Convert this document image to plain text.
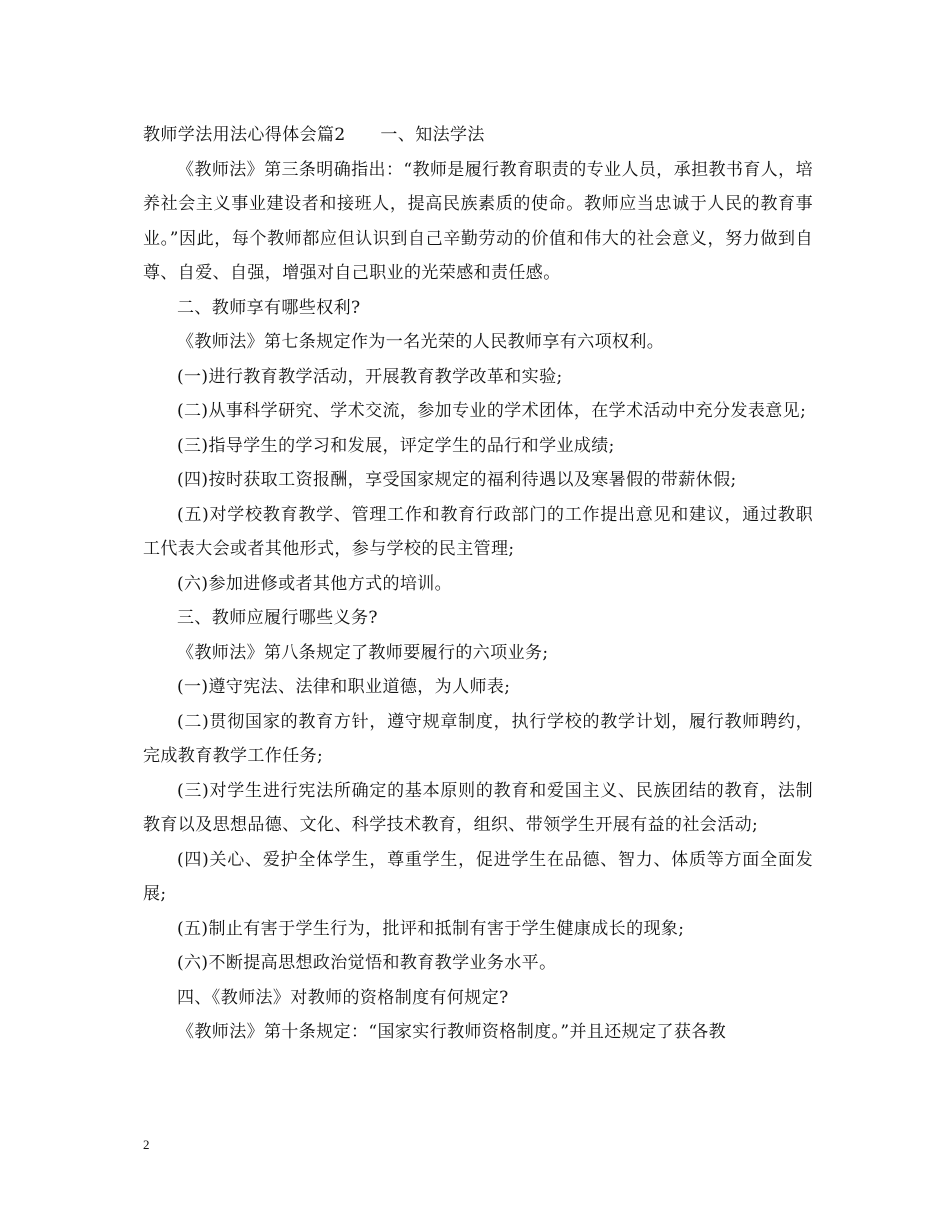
教师学法用法心得体会篇2　　一、知法学法

《教师法》第三条明确指出：“教师是履行教育职责的专业人员，承担教书育人，培养社会主义事业建设者和接班人，提高民族素质的使命。教师应当忠诚于人民的教育事业。”因此，每个教师都应但认识到自己辛勤劳动的价值和伟大的社会意义，努力做到自尊、自爱、自强，增强对自己职业的光荣感和责任感。

二、教师享有哪些权利?

《教师法》第七条规定作为一名光荣的人民教师享有六项权利。

(一)进行教育教学活动，开展教育教学改革和实验;

(二)从事科学研究、学术交流，参加专业的学术团体，在学术活动中充分发表意见;

(三)指导学生的学习和发展，评定学生的品行和学业成绩;

(四)按时获取工资报酬，享受国家规定的福利待遇以及寒暑假的带薪休假;

(五)对学校教育教学、管理工作和教育行政部门的工作提出意见和建议，通过教职工代表大会或者其他形式，参与学校的民主管理;

(六)参加进修或者其他方式的培训。

三、教师应履行哪些义务?

《教师法》第八条规定了教师要履行的六项业务;

(一)遵守宪法、法律和职业道德，为人师表;

(二)贯彻国家的教育方针，遵守规章制度，执行学校的教学计划，履行教师聘约，完成教育教学工作任务;

(三)对学生进行宪法所确定的基本原则的教育和爱国主义、民族团结的教育，法制教育以及思想品德、文化、科学技术教育，组织、带领学生开展有益的社会活动;

(四)关心、爱护全体学生，尊重学生，促进学生在品德、智力、体质等方面全面发展;

(五)制止有害于学生行为，批评和抵制有害于学生健康成长的现象;

(六)不断提高思想政治觉悟和教育教学业务水平。

四、《教师法》对教师的资格制度有何规定?

《教师法》第十条规定：“国家实行教师资格制度。”并且还规定了获各教

2
